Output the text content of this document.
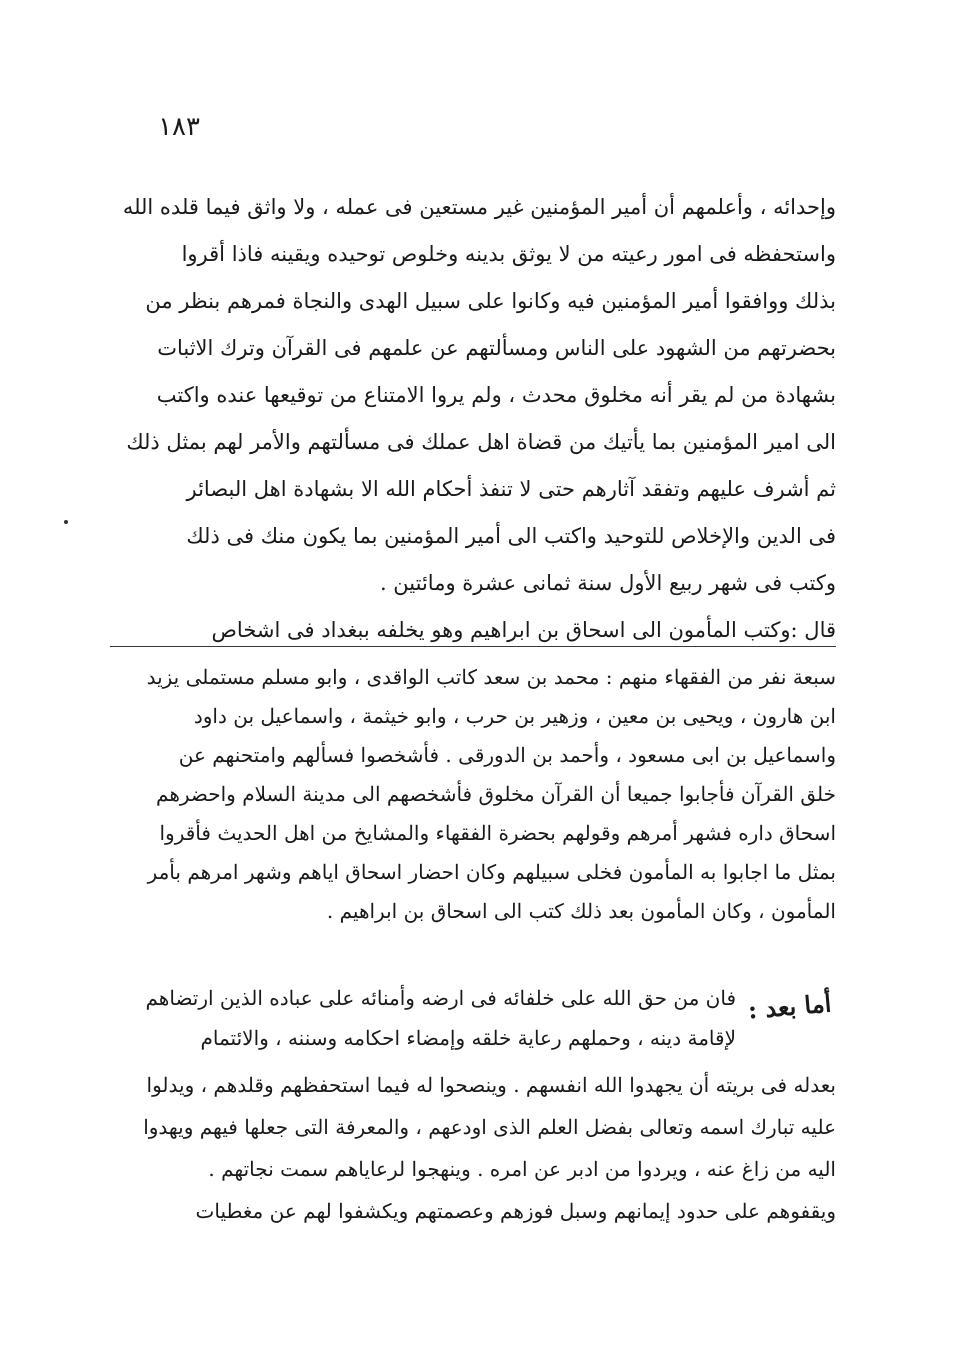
١٨٣
وإحدائه ، وأعلمهم أن أمير المؤمنين غير مستعين فى عمله ، ولا واثق فيما قلده الله
واستحفظه فى امور رعيته من لا يوثق بدينه وخلوص توحيده ويقينه فاذا أقروا
بذلك ووافقوا أمير المؤمنين فيه وكانوا على سبيل الهدى والنجاة فمرهم بنظر من
بحضرتهم من الشهود على الناس ومسألتهم عن علمهم فى القرآن وترك الاثبات
بشهادة من لم يقر أنه مخلوق محدث ، ولم يروا الامتناع من توقيعها عنده واكتب
الى امير المؤمنين بما يأتيك من قضاة اهل عملك فى مسألتهم والأمر لهم بمثل ذلك
ثم أشرف عليهم وتفقد آثارهم حتى لا تنفذ أحكام الله الا بشهادة اهل البصائر
فى الدين والإخلاص للتوحيد واكتب الى أمير المؤمنين بما يكون منك فى ذلك
وكتب فى شهر ربيع الأول سنة ثمانى عشرة ومائتين .
قال :وكتب المأمون الى اسحاق بن ابراهيم وهو يخلفه ببغداد فى اشخاص
سبعة نفر من الفقهاء منهم : محمد بن سعد كاتب الواقدى ، وابو مسلم مستملى يزيد
ابن هارون ، ويحيى بن معين ، وزهير بن حرب ، وابو خيثمة ، واسماعيل بن داود
واسماعيل بن ابى مسعود ، وأحمد بن الدورقى . فأشخصوا فسألهم وامتحنهم عن
خلق القرآن فأجابوا جميعا أن القرآن مخلوق فأشخصهم الى مدينة السلام واحضرهم
اسحاق داره فشهر أمرهم وقولهم بحضرة الفقهاء والمشايخ من اهل الحديث فأقروا
بمثل ما اجابوا به المأمون فخلى سبيلهم وكان احضار اسحاق اياهم وشهر امرهم بأمر
المأمون ، وكان المأمون بعد ذلك كتب الى اسحاق بن ابراهيم .
أما بعد :
فان من حق الله على خلفائه فى ارضه وأمنائه على عباده الذين ارتضاهم
لإقامة دينه ، وحملهم رعاية خلقه وإمضاء احكامه وسننه ، والائتمام
بعدله فى بريته أن يجهدوا الله انفسهم . وينصحوا له فيما استحفظهم وقلدهم ، ويدلوا
عليه تبارك اسمه وتعالى بفضل العلم الذى اودعهم ، والمعرفة التى جعلها فيهم ويهدوا
اليه من زاغ عنه ، ويردوا من ادبر عن امره . وينهجوا لرعاياهم سمت نجاتهم .
ويقفوهم على حدود إيمانهم وسبل فوزهم وعصمتهم ويكشفوا لهم عن مغطيات
